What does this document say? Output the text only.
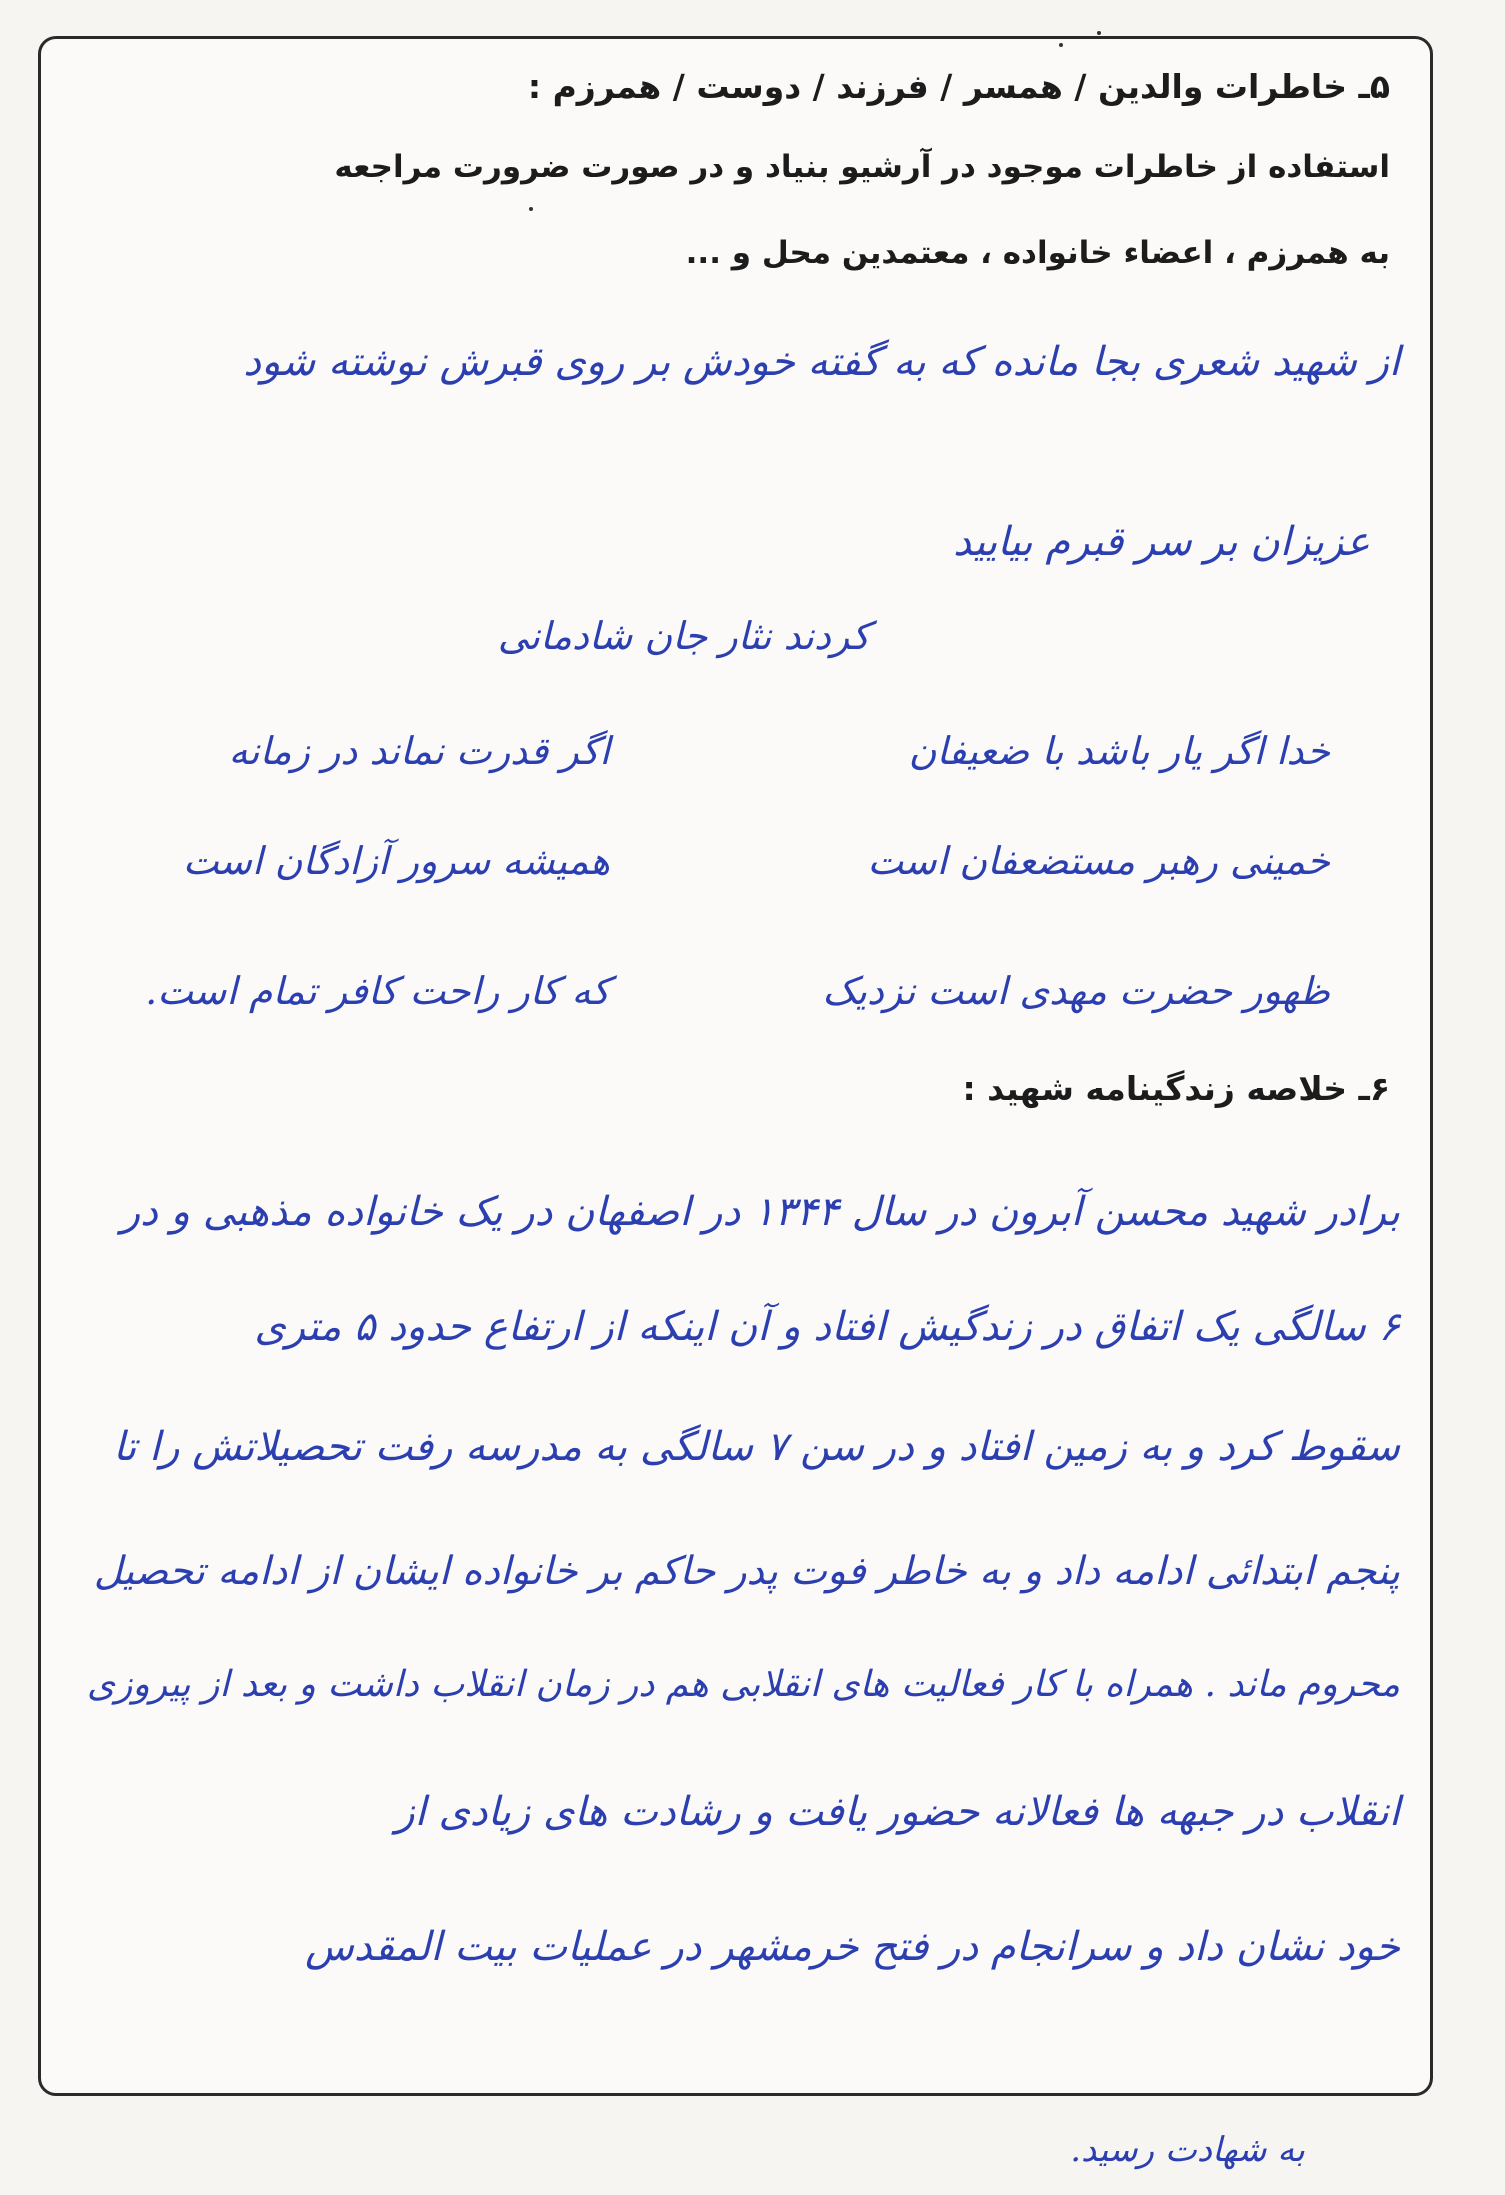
۵ـ خاطرات والدین / همسر / فرزند / دوست / همرزم :
استفاده از خاطرات موجود در آرشیو بنیاد و در صورت ضرورت مراجعه
به همرزم ، اعضاء خانواده ، معتمدین محل و ...
از شهید شعری بجا مانده که به گفته خودش بر روی قبرش نوشته شود
عزیزان بر سر قبرم بیایید
کردند نثار جان شادمانی
خدا اگر یار باشد با ضعیفان
اگر قدرت نماند در زمانه
خمینی رهبر مستضعفان است
همیشه سرور آزادگان است
ظهور حضرت مهدی است نزدیک
که کار راحت کافر تمام است.
۶ـ خلاصه زندگینامه شهید :
برادر شهید محسن آبرون در سال ۱۳۴۴ در اصفهان در یک خانواده مذهبی و در
۶ سالگی یک اتفاق در زندگیش افتاد و آن اینکه از ارتفاع حدود ۵ متری
سقوط کرد و به زمین افتاد و در سن ۷ سالگی به مدرسه رفت تحصیلاتش را تا
پنجم ابتدائی ادامه داد و به خاطر فوت پدر حاکم بر خانواده ایشان از ادامه تحصیل
محروم ماند . همراه با کار فعالیت های انقلابی هم در زمان انقلاب داشت و بعد از پیروزی
انقلاب در جبهه ها فعالانه حضور یافت و رشادت های زیادی از
خود نشان داد و سرانجام در فتح خرمشهر در عملیات بیت المقدس
به شهادت رسید.
